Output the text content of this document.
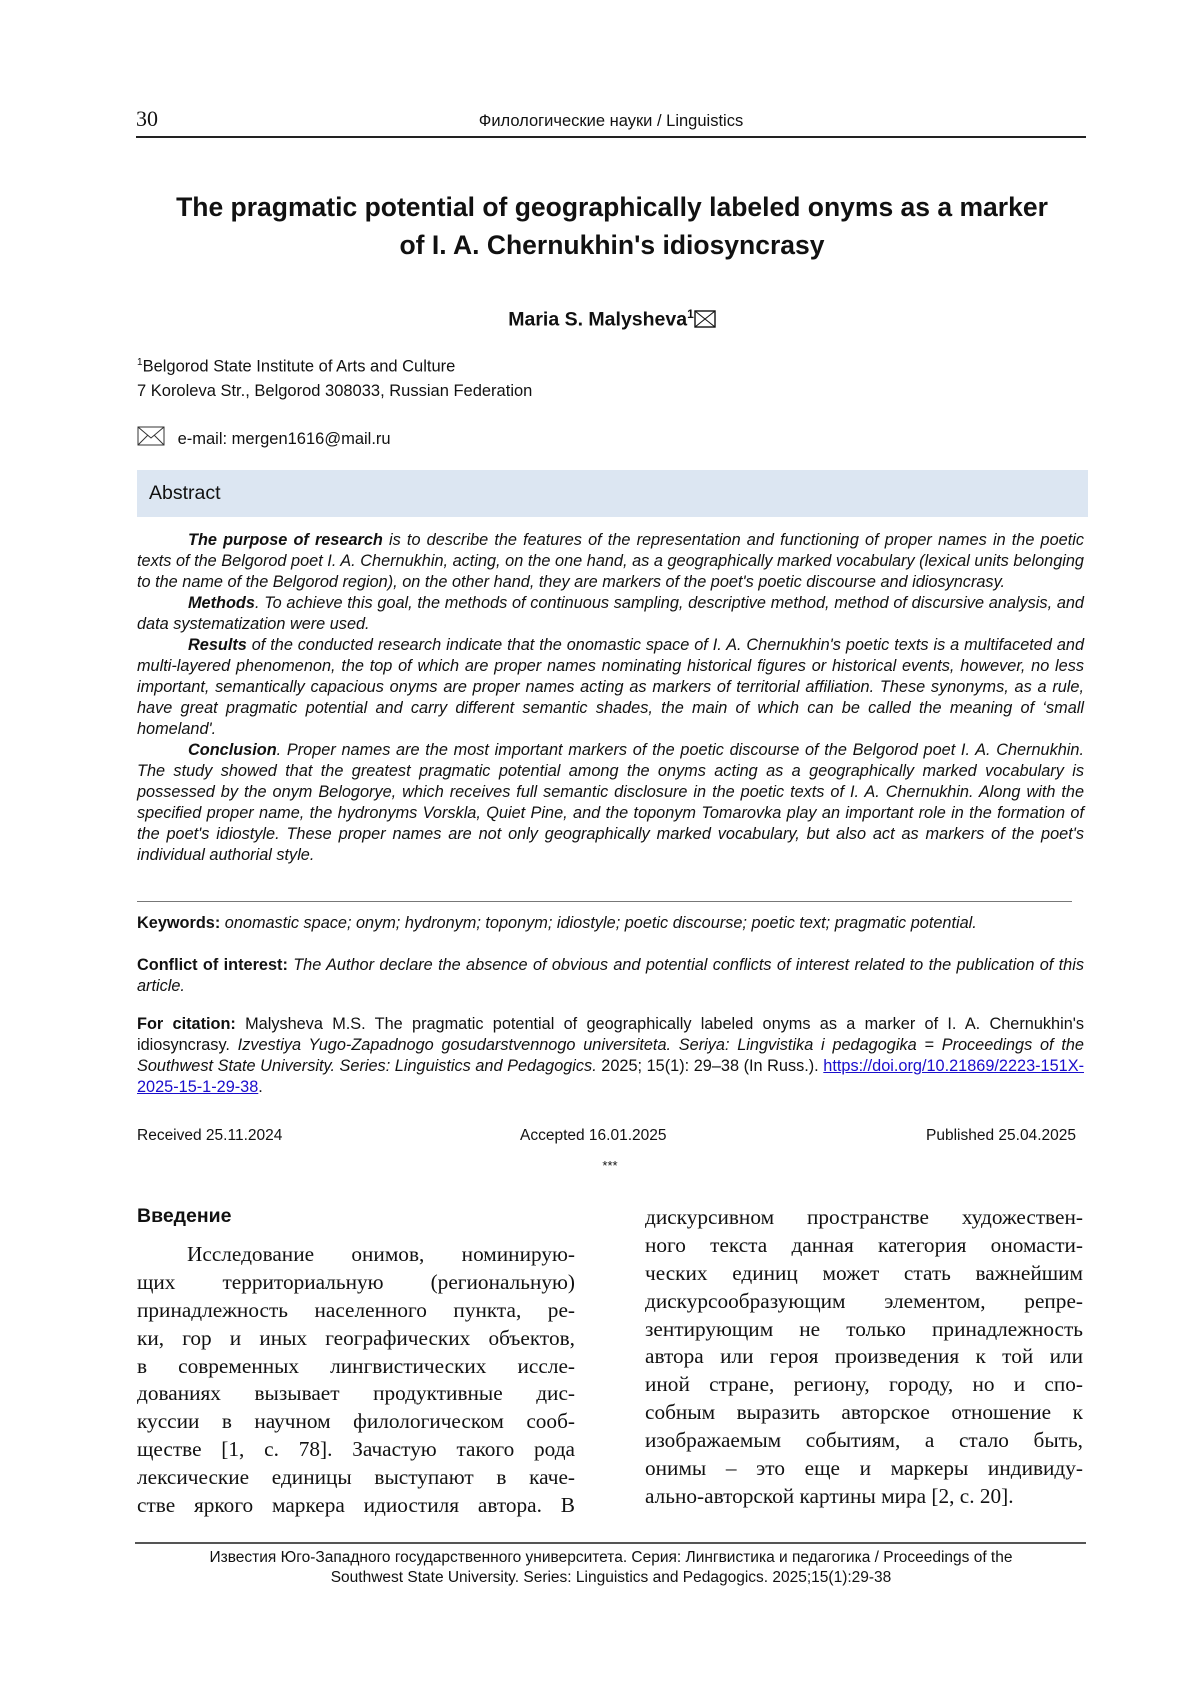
30	Филологические науки / Linguistics
The pragmatic potential of geographically labeled onyms as a marker
of I. A. Chernukhin's idiosyncrasy
Maria S. Malysheva$^1$
$^1$Belgorod State Institute of Arts and Culture
7 Koroleva Str., Belgorod 308033, Russian Federation
e-mail: mergen1616@mail.ru
Abstract

The purpose of research is to describe the features of the representation and functioning of proper names in the poetic texts of the Belgorod poet I. A. Chernukhin, acting, on the one hand, as a geographically marked vocabulary (lexical units belonging to the name of the Belgorod region), on the other hand, they are markers of the poet's poetic discourse and idiosyncrasy.

Methods. To achieve this goal, the methods of continuous sampling, descriptive method, method of discursive analysis, and data systematization were used.

Results of the conducted research indicate that the onomastic space of I. A. Chernukhin's poetic texts is a multifaceted and multi-layered phenomenon, the top of which are proper names nominating historical figures or historical events, however, no less important, semantically capacious onyms are proper names acting as markers of territorial affiliation. These synonyms, as a rule, have great pragmatic potential and carry different semantic shades, the main of which can be called the meaning of ‘small homeland'.

Conclusion. Proper names are the most important markers of the poetic discourse of the Belgorod poet I. A. Chernukhin. The study showed that the greatest pragmatic potential among the onyms acting as a geographically marked vocabulary is possessed by the onym Belogorye, which receives full semantic disclosure in the poetic texts of I. A. Chernukhin. Along with the specified proper name, the hydronyms Vorskla, Quiet Pine, and the toponym Tomarovka play an important role in the formation of the poet's idiostyle. These proper names are not only geographically marked vocabulary, but also act as markers of the poet's individual authorial style.

Keywords: onomastic space; onym; hydronym; toponym; idiostyle; poetic discourse; poetic text; pragmatic potential.
Conflict of interest: The Author declare the absence of obvious and potential conflicts of interest related to the publication of this article.
For citation: Malysheva M.S. The pragmatic potential of geographically labeled onyms as a marker of I. A. Chernukhin's idiosyncrasy. Izvestiya Yugo-Zapadnogo gosudarstvennogo universiteta. Seriya: Lingvistika i pedagogika = Proceedings of the Southwest State University. Series: Linguistics and Pedagogics. 2025; 15(1): 29–38 (In Russ.). https://doi.org/10.21869/2223-151X-2025-15-1-29-38.
Received 25.11.2024	Accepted 16.01.2025	Published 25.04.2025
***
Введение
Исследование онимов, номинирую-
щих территориальную (региональную)
принадлежность населенного пункта, ре-
ки, гор и иных географических объектов,
в современных лингвистических иссле-
дованиях вызывает продуктивные дис-
куссии в научном филологическом сооб-
ществе [1, с. 78]. Зачастую такого рода
лексические единицы выступают в каче-
стве яркого маркера идиостиля автора. В
дискурсивном пространстве художествен-
ного текста данная категория ономасти-
ческих единиц может стать важнейшим
дискурсообразующим элементом, репре-
зентирующим не только принадлежность
автора или героя произведения к той или
иной стране, региону, городу, но и спо-
собным выразить авторское отношение к
изображаемым событиям, а стало быть,
онимы – это еще и маркеры индивиду-
ально-авторской картины мира [2, с. 20].
Известия Юго-Западного государственного университета. Серия: Лингвистика и педагогика / Proceedings of the
Southwest State University. Series: Linguistics and Pedagogics. 2025;15(1):29-38
